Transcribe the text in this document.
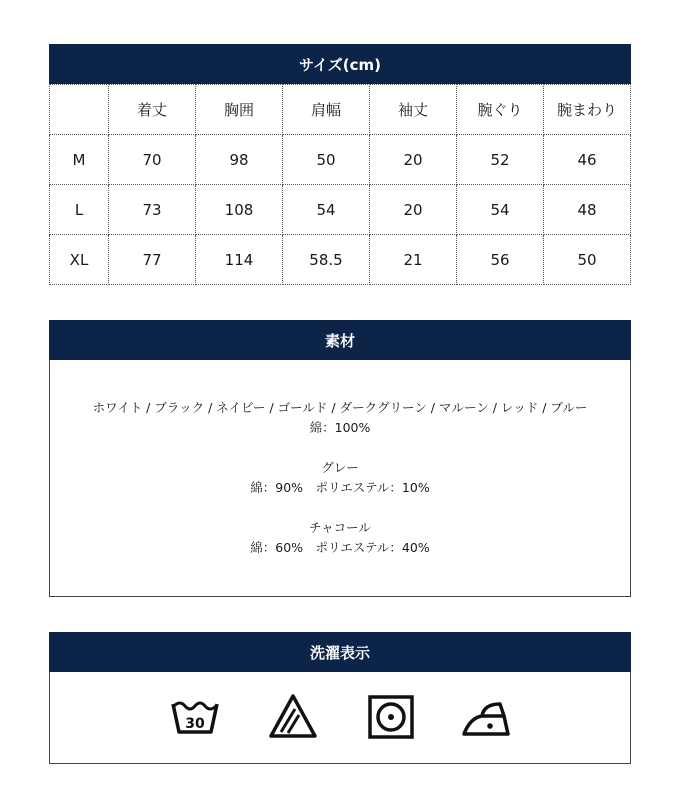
サイズ(cm)
	着丈	胸囲	肩幅	袖丈	腕ぐり	腕まわり
M	70	98	50	20	52	46
L	73	108	54	20	54	48
XL	77	114	58.5	21	56	50
素材
ホワイト / ブラック / ネイビー / ゴールド / ダークグリーン / マルーン / レッド / ブルー
綿：100%
グレー
綿：90%　ポリエステル：10%
チャコール
綿：60%　ポリエステル：40%
洗濯表示
30
